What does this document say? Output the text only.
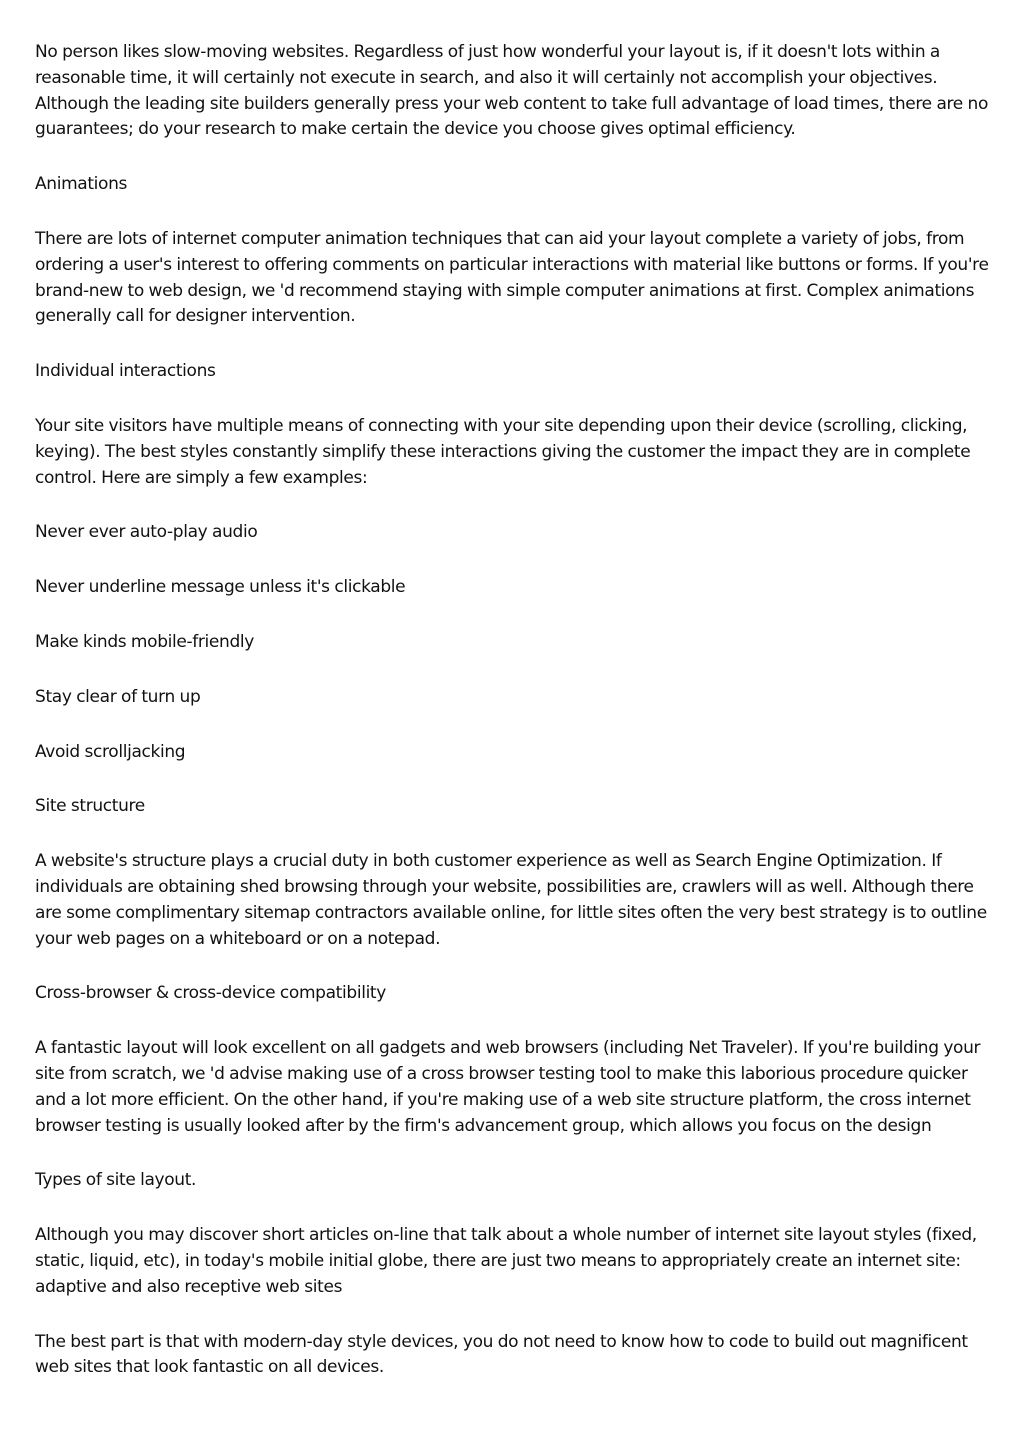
No person likes slow-moving websites. Regardless of just how wonderful your layout is, if it doesn't lots within a reasonable time, it will certainly not execute in search, and also it will certainly not accomplish your objectives. Although the leading site builders generally press your web content to take full advantage of load times, there are no guarantees; do your research to make certain the device you choose gives optimal efficiency.

Animations

There are lots of internet computer animation techniques that can aid your layout complete a variety of jobs, from ordering a user's interest to offering comments on particular interactions with material like buttons or forms. If you're brand-new to web design, we 'd recommend staying with simple computer animations at first. Complex animations generally call for designer intervention.

Individual interactions

Your site visitors have multiple means of connecting with your site depending upon their device (scrolling, clicking, keying). The best styles constantly simplify these interactions giving the customer the impact they are in complete control. Here are simply a few examples:

Never ever auto-play audio

Never underline message unless it's clickable

Make kinds mobile-friendly

Stay clear of turn up

Avoid scrolljacking

Site structure

A website's structure plays a crucial duty in both customer experience as well as Search Engine Optimization. If individuals are obtaining shed browsing through your website, possibilities are, crawlers will as well. Although there are some complimentary sitemap contractors available online, for little sites often the very best strategy is to outline your web pages on a whiteboard or on a notepad.

Cross-browser & cross-device compatibility

A fantastic layout will look excellent on all gadgets and web browsers (including Net Traveler). If you're building your site from scratch, we 'd advise making use of a cross browser testing tool to make this laborious procedure quicker and a lot more efficient. On the other hand, if you're making use of a web site structure platform, the cross internet browser testing is usually looked after by the firm's advancement group, which allows you focus on the design

Types of site layout.

Although you may discover short articles on-line that talk about a whole number of internet site layout styles (fixed, static, liquid, etc), in today's mobile initial globe, there are just two means to appropriately create an internet site: adaptive and also receptive web sites

The best part is that with modern-day style devices, you do not need to know how to code to build out magnificent web sites that look fantastic on all devices.
